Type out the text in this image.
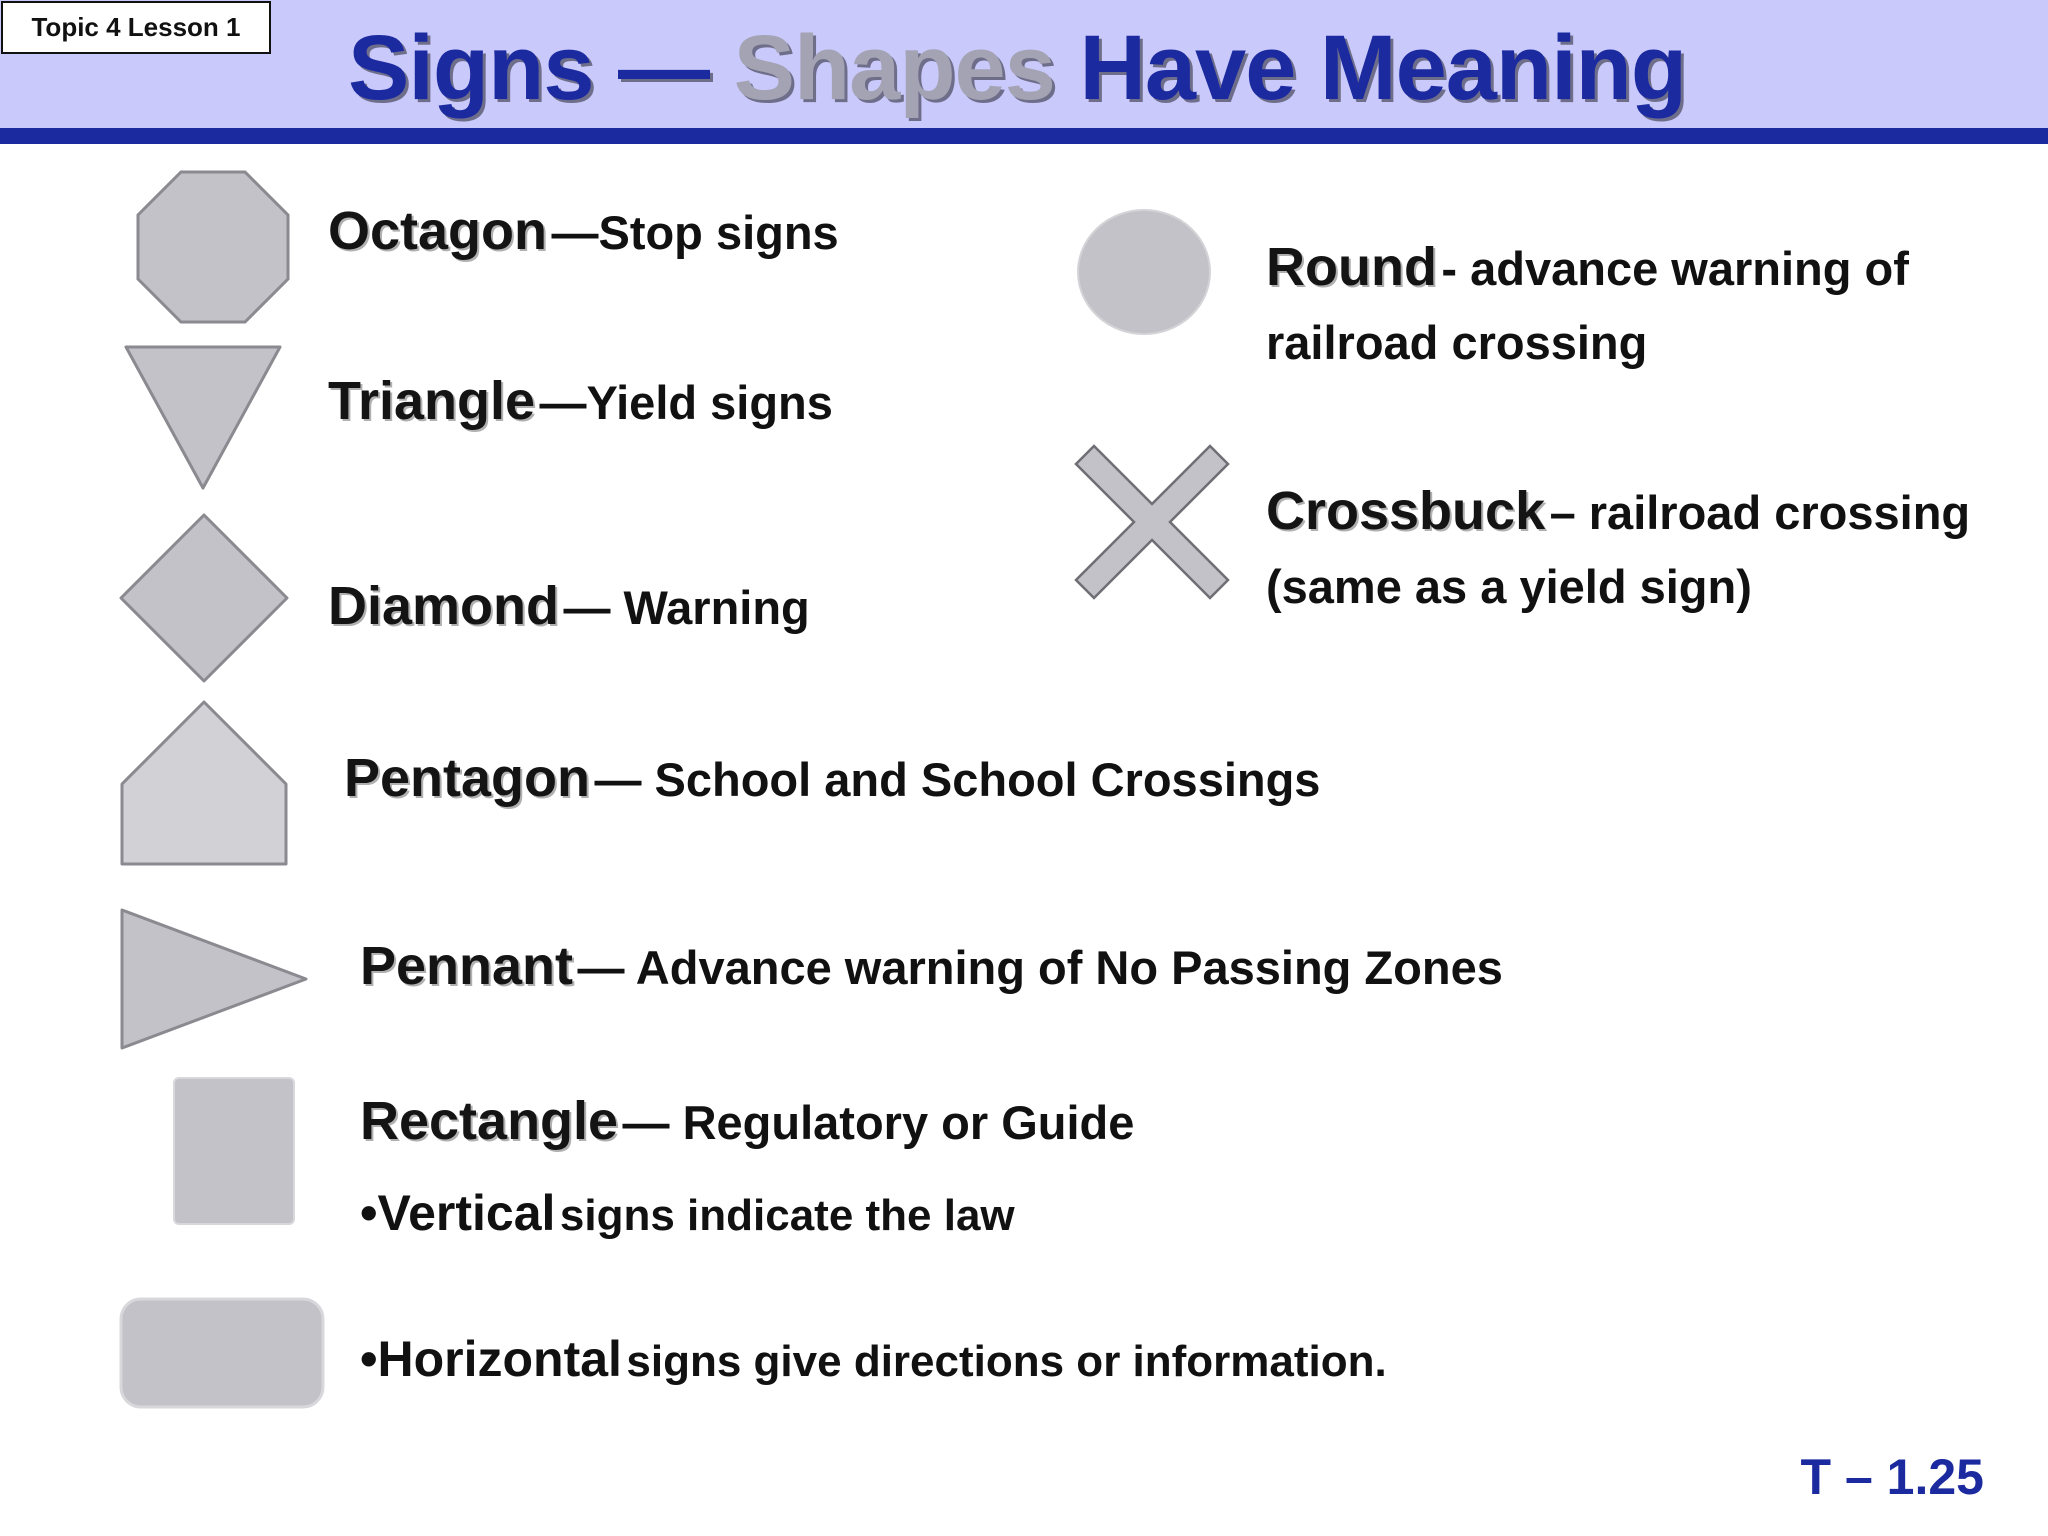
Topic 4 Lesson 1	Signs — Shapes Have Meaning
Octagon —Stop signs
Triangle —Yield signs
Diamond — Warning
Pentagon — School and School Crossings
Pennant — Advance warning of No Passing Zones
Rectangle — Regulatory or Guide
•Vertical signs indicate the law
•Horizontal signs give directions or information.
Round - advance warning of railroad crossing
Crossbuck – railroad crossing (same as a yield sign)
T – 1.25
